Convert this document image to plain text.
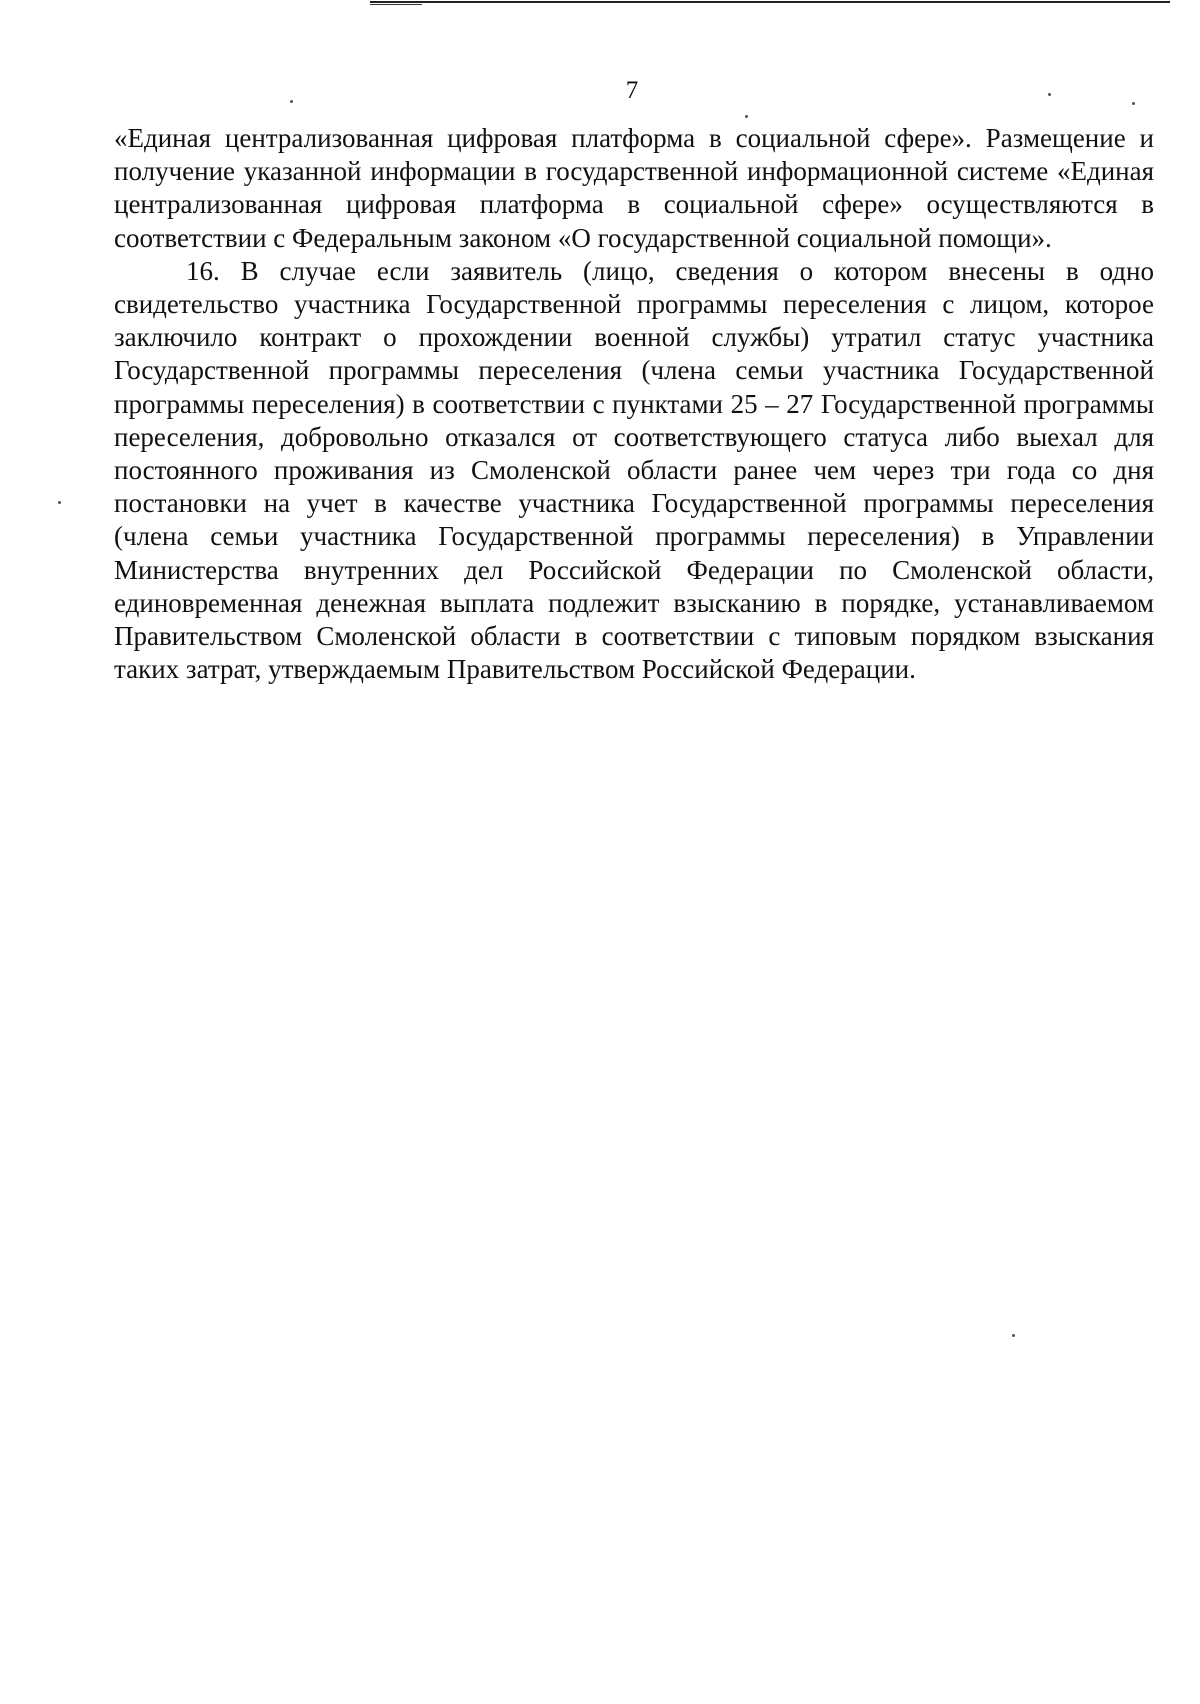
7

«Единая централизованная цифровая платформа в социальной сфере». Размещение и получение указанной информации в государственной информационной системе «Единая централизованная цифровая платформа в социальной сфере» осуществляются в соответствии с Федеральным законом «О государственной социальной помощи».

16. В случае если заявитель (лицо, сведения о котором внесены в одно свидетельство участника Государственной программы переселения с лицом, которое заключило контракт о прохождении военной службы) утратил статус участника Государственной программы переселения (члена семьи участника Государственной программы переселения) в соответствии с пунктами 25 – 27 Государственной программы переселения, добровольно отказался от соответствующего статуса либо выехал для постоянного проживания из Смоленской области ранее чем через три года со дня постановки на учет в качестве участника Государственной программы переселения (члена семьи участника Государственной программы переселения) в Управлении Министерства внутренних дел Российской Федерации по Смоленской области, единовременная денежная выплата подлежит взысканию в порядке, устанавливаемом Правительством Смоленской области в соответствии с типовым порядком взыскания таких затрат, утверждаемым Правительством Российской Федерации.
